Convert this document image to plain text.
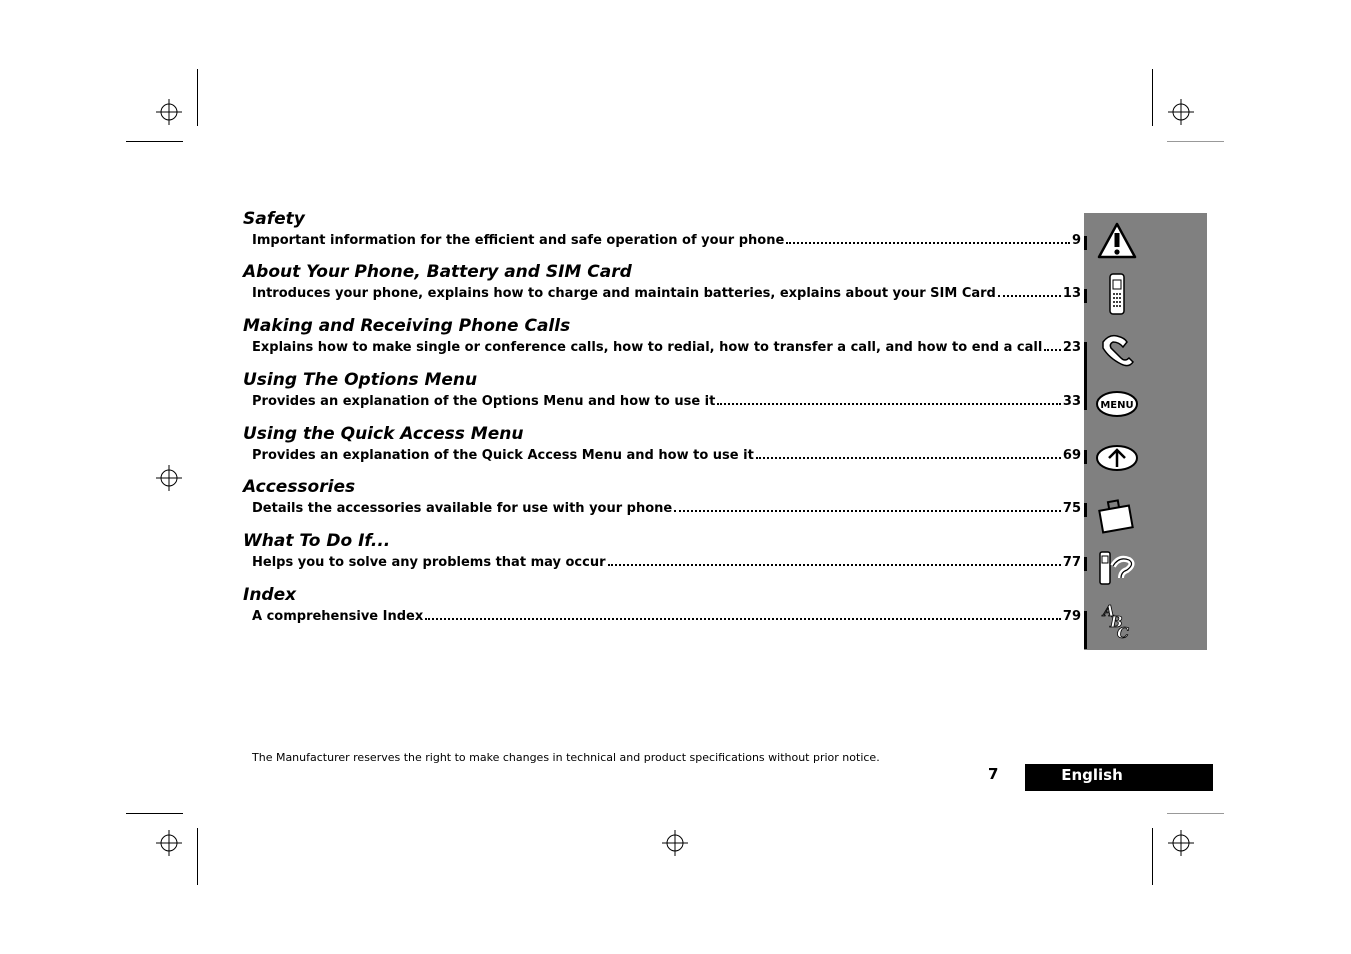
MENU
A
B
C
Safety
Important information for the efficient and safe operation of your phone	9
About Your Phone, Battery and SIM Card
Introduces your phone, explains how to charge and maintain batteries, explains about your SIM Card	13
Making and Receiving Phone Calls
Explains how to make single or conference calls, how to redial, how to transfer a call, and how to end a call 23
Using The Options Menu
Provides an explanation of the Options Menu and how to use it	33
Using the Quick Access Menu
Provides an explanation of the Quick Access Menu and how to use it	69
Accessories
Details the accessories available for use with your phone	75
What To Do If...
Helps you to solve any problems that may occur	77
Index
A comprehensive Index	79
The Manufacturer reserves the right to make changes in technical and product specifications without prior notice.
7	English
